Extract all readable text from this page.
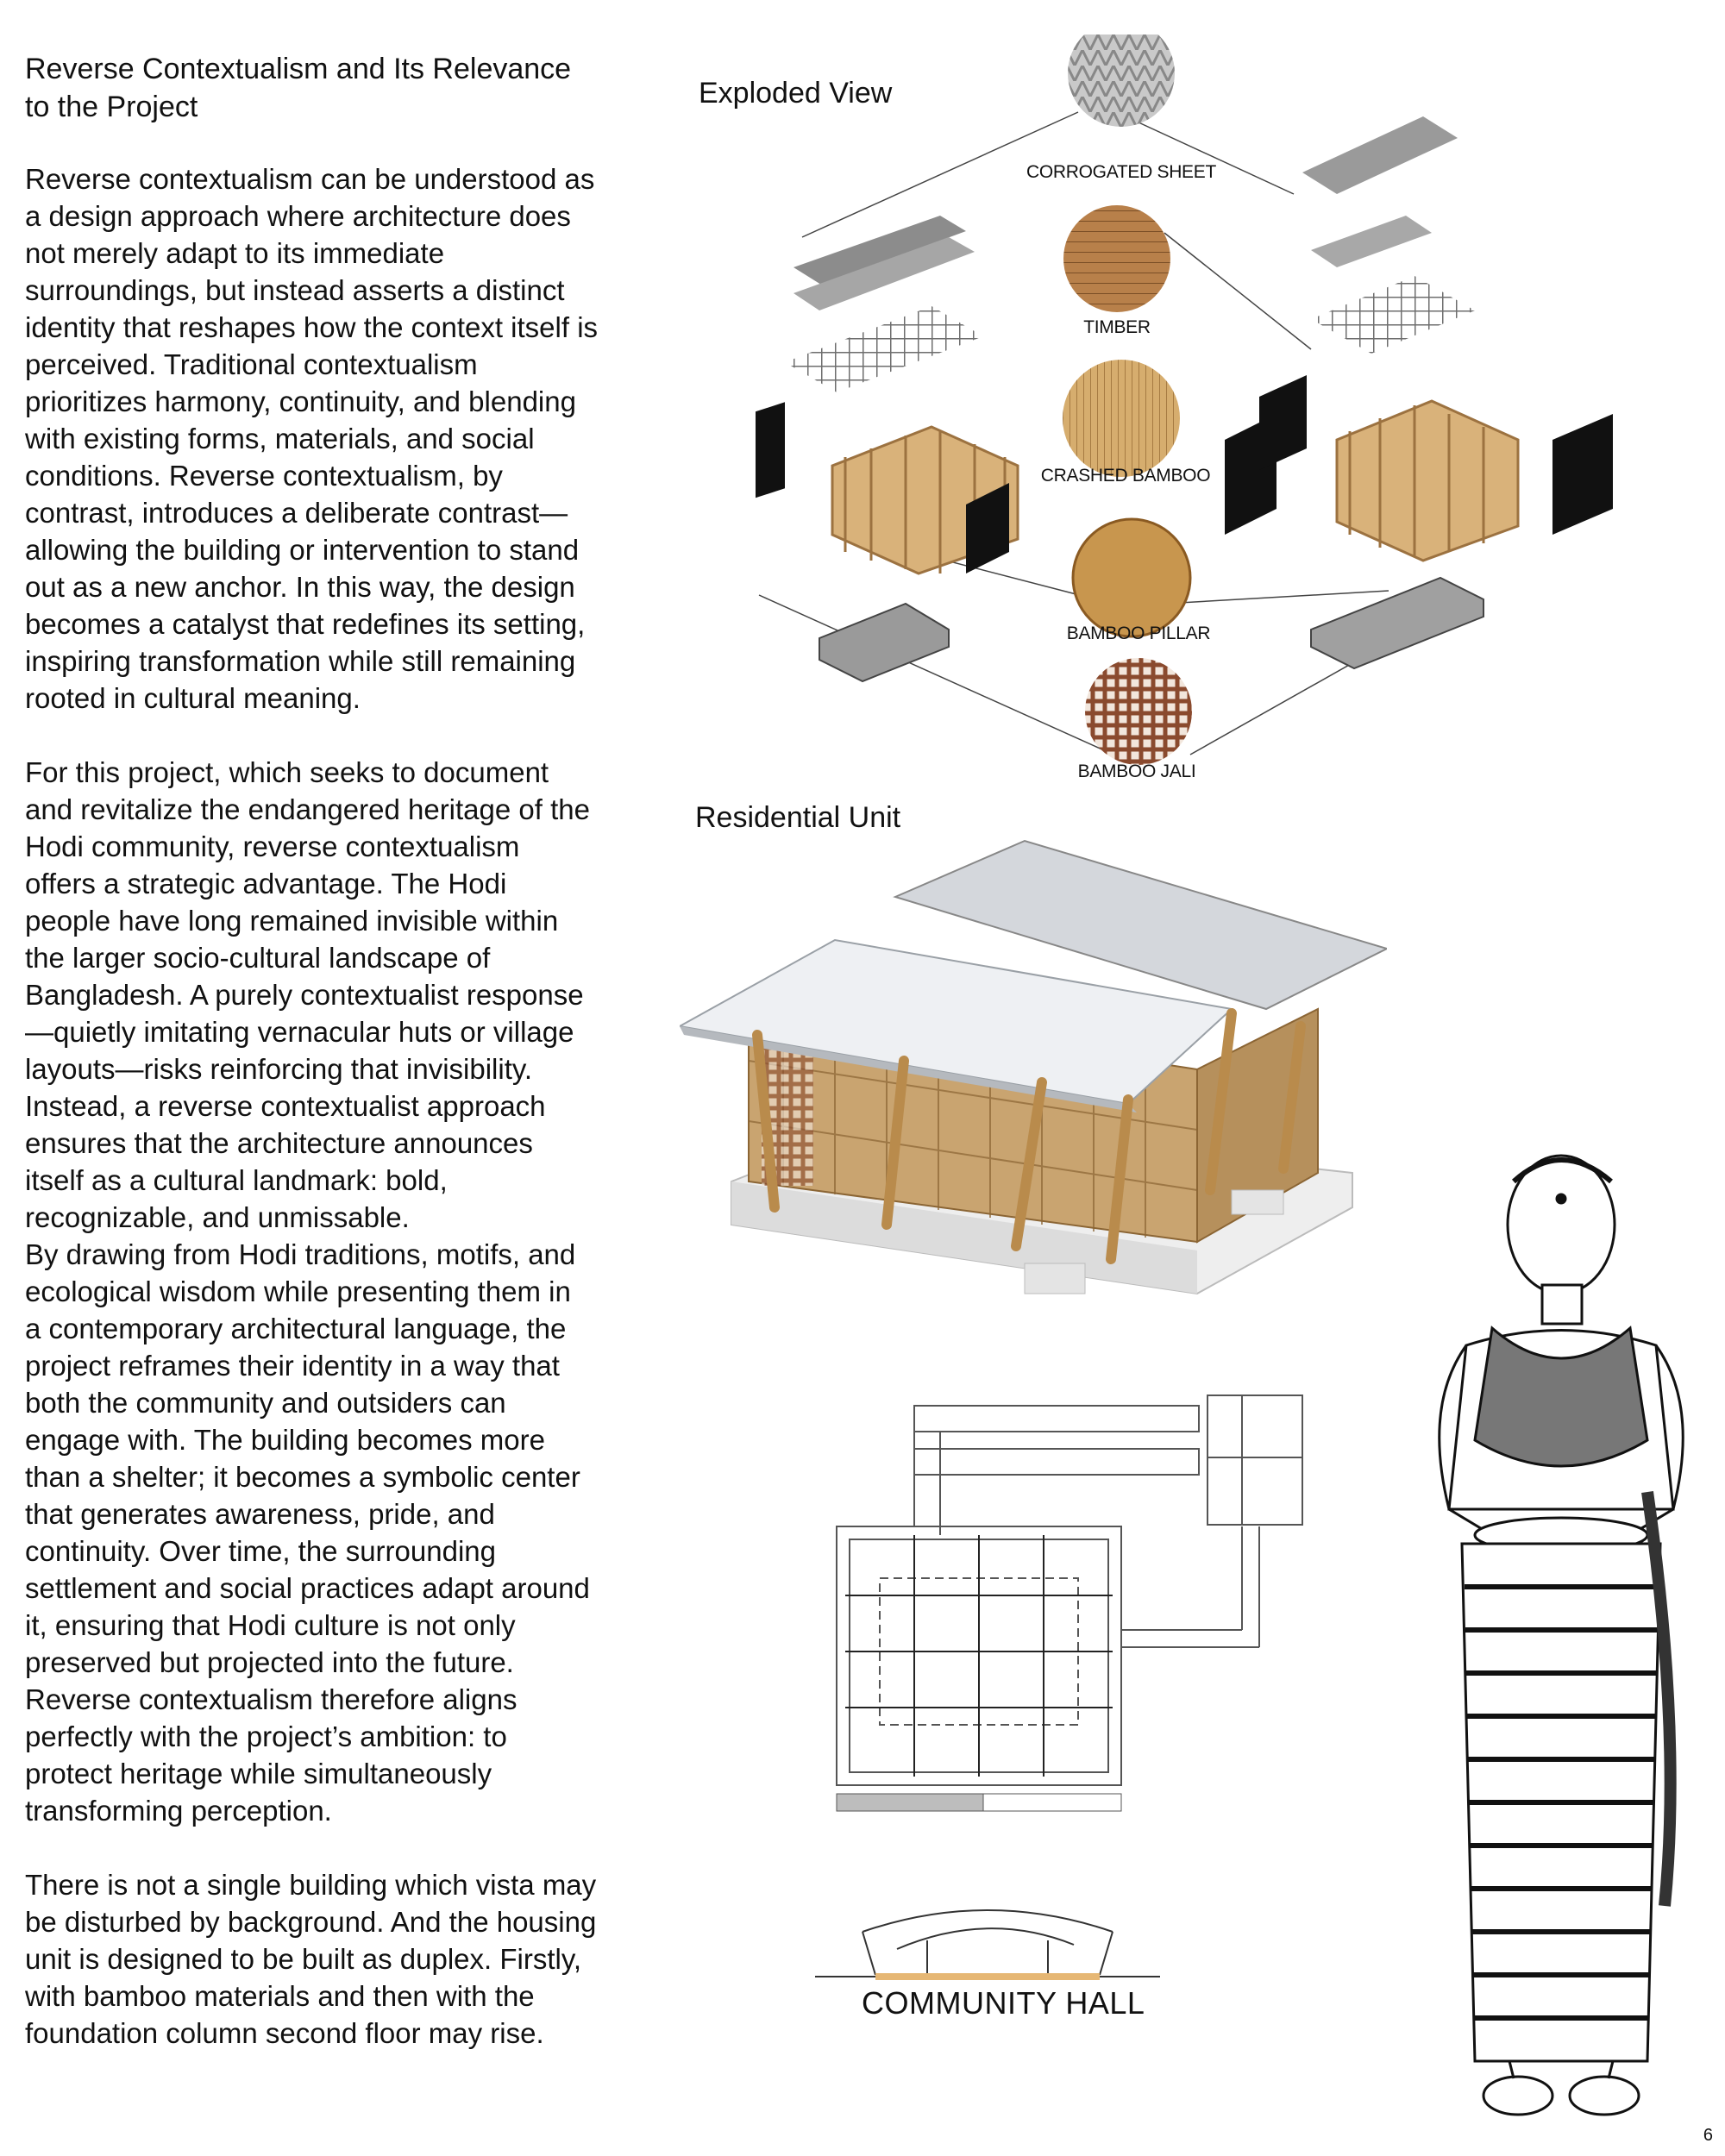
Reverse Contextualism and Its Relevance
to the Project
Reverse contextualism can be understood as
a design approach where architecture does
not merely adapt to its immediate
surroundings, but instead asserts a distinct
identity that reshapes how the context itself is
perceived. Traditional contextualism
prioritizes harmony, continuity, and blending
with existing forms, materials, and social
conditions. Reverse contextualism, by
contrast, introduces a deliberate contrast—
allowing the building or intervention to stand
out as a new anchor. In this way, the design
becomes a catalyst that redefines its setting,
inspiring transformation while still remaining
rooted in cultural meaning.
For this project, which seeks to document
and revitalize the endangered heritage of the
Hodi community, reverse contextualism
offers a strategic advantage. The Hodi
people have long remained invisible within
the larger socio-cultural landscape of
Bangladesh. A purely contextualist response
—quietly imitating vernacular huts or village
layouts—risks reinforcing that invisibility.
Instead, a reverse contextualist approach
ensures that the architecture announces
itself as a cultural landmark: bold,
recognizable, and unmissable.
By drawing from Hodi traditions, motifs, and
ecological wisdom while presenting them in
a contemporary architectural language, the
project reframes their identity in a way that
both the community and outsiders can
engage with. The building becomes more
than a shelter; it becomes a symbolic center
that generates awareness, pride, and
continuity. Over time, the surrounding
settlement and social practices adapt around
it, ensuring that Hodi culture is not only
preserved but projected into the future.
Reverse contextualism therefore aligns
perfectly with the project’s ambition: to
protect heritage while simultaneously
transforming perception.
There is not a single building which vista may
be disturbed by background. And the housing
unit is designed to be built as duplex. Firstly,
with bamboo materials and then with the
foundation column second floor may rise.
Exploded View
CORROGATED SHEET
TIMBER
CRASHED BAMBOO
BAMBOO PILLAR
BAMBOO JALI
Residential Unit
COMMUNITY HALL
6
